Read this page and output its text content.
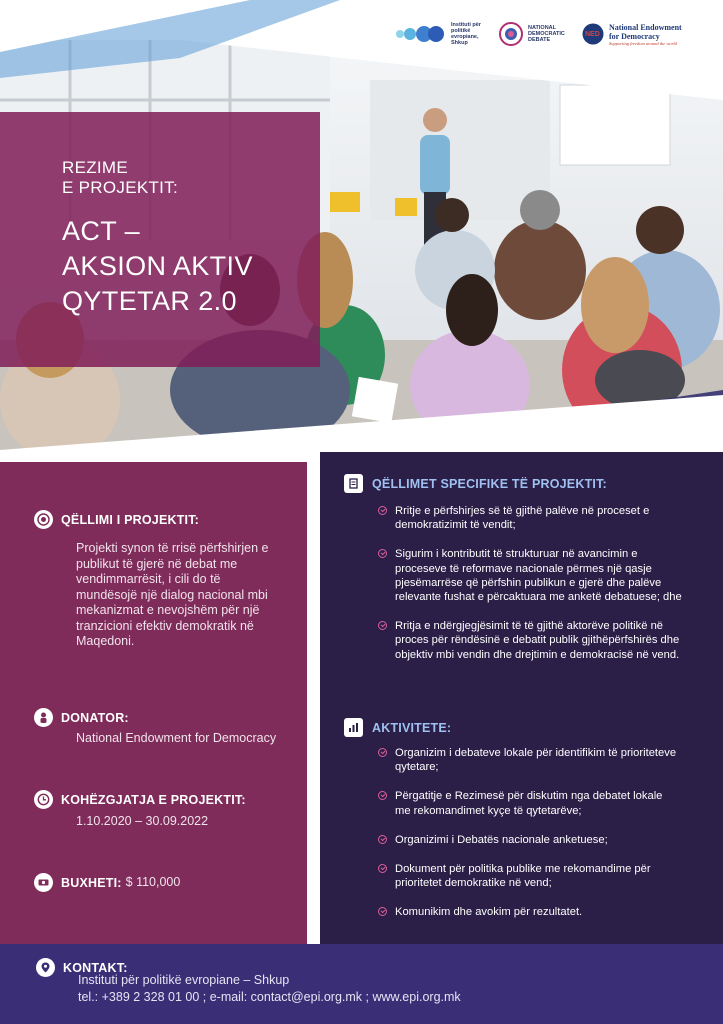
Instituti për politikë evropiane, Shkup
NATIONAL DEMOCRATIC DEBATE
NED
National Endowment for Democracy
Supporting freedom around the world
REZIME
E PROJEKTIT:
ACT –
AKSION AKTIV
QYTETAR 2.0
QËLLIMI I PROJEKTIT:
Projekti synon të rrisë përfshirjen e publikut të gjerë në debat me vendimmarrësit, i cili do të mundësojë një dialog nacional mbi mekanizmat e nevojshëm për një tranzicioni efektiv demokratik në Maqedoni.
DONATOR:
National Endowment for Democracy
KOHËZGJATJA E PROJEKTIT:
1.10.2020 – 30.09.2022
BUXHETI: $ 110,000
QËLLIMET SPECIFIKE TË PROJEKTIT:
Rritje e përfshirjes së të gjithë palëve në proceset e demokratizimit të vendit;
Sigurim i kontributit të strukturuar në avancimin e proceseve të reformave nacionale përmes një qasje pjesëmarrëse që përfshin publikun e gjerë dhe palëve relevante fushat e përcaktuara me anketë debatuese; dhe
Rritja e ndërgjegjësimit të të gjithë aktorëve politikë në proces për rëndësinë e debatit publik gjithëpërfshirës dhe objektiv mbi vendin dhe drejtimin e demokracisë në vend.
AKTIVITETE:
Organizim i debateve lokale për identifikim të prioriteteve qytetare;
Përgatitje e Rezimesë për diskutim nga debatet lokale me rekomandimet kyçe të qytetarëve;
Organizimi i Debatës nacionale anketuese;
Dokument për politika publike me rekomandime për prioritetet demokratike në vend;
Komunikim dhe avokim për rezultatet.
KONTAKT:
Instituti për politikë evropiane – Shkup
tel.: +389 2 328 01 00 ; e-mail: contact@epi.org.mk ; www.epi.org.mk
